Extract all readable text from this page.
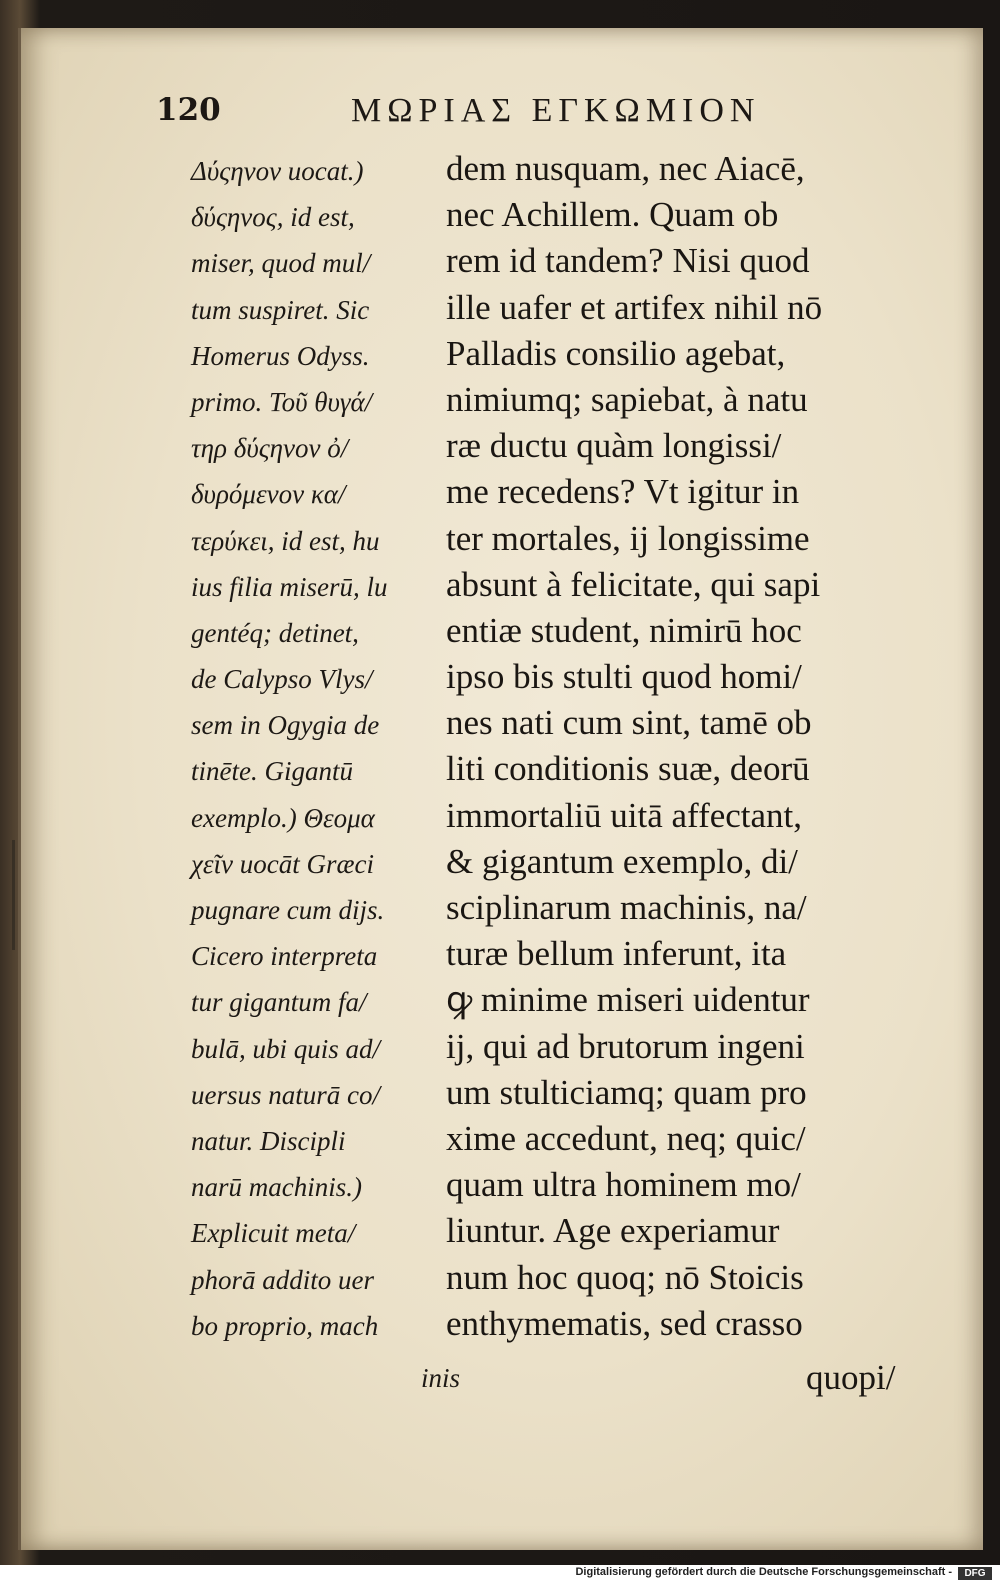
120	ΜΩΡΙΑΣ ΕΓΚΩΜΙΟΝ
Δύςηνον uocat.)
δύςηνος, id est,
miser, quod mul/
tum suspiret. Sic
Homerus Odyss.
primo. Τοῦ θυγά/
τηρ δύςηνον ὀ/
δυρόμενον κα/
τερύκει, id est, hu
ius filia miserū, lu
gentéq; detinet,
de Calypso Vlys/
sem in Ogygia de
tinēte. Gigantū
exemplo.) Θεομα
χεῖν uocāt Græci
pugnare cum dijs.
Cicero interpreta
tur gigantum fa/
bulā, ubi quis ad/
uersus naturā co/
natur. Discipli
narū machinis.)
Explicuit meta/
phorā addito uer
bo proprio, mach
dem nusquam, nec Aiacē,
nec Achillem. Quam ob
rem id tandem? Nisi quod
ille uafer et artifex nihil nō
Palladis consilio agebat,
nimiumq; sapiebat, à natu
ræ ductu quàm longissi/
me recedens? Vt igitur in
ter mortales, ij longissime
absunt à felicitate, qui sapi
entiæ student, nimirū hoc
ipso bis stulti quod homi/
nes nati cum sint, tamē ob
liti conditionis suæ, deorū
immortaliū uitā affectant,
& gigantum exemplo, di/
sciplinarum machinis, na/
turæ bellum inferunt, ita
ꝙ minime miseri uidentur
ij, qui ad brutorum ingeni
um stulticiamq; quam pro
xime accedunt, neq; quic/
quam ultra hominem mo/
liuntur. Age experiamur
num hoc quoq; nō Stoicis
enthymematis, sed crasso
inis	quopi/
Digitalisierung gefördert durch die Deutsche Forschungsgemeinschaft -	DFG
